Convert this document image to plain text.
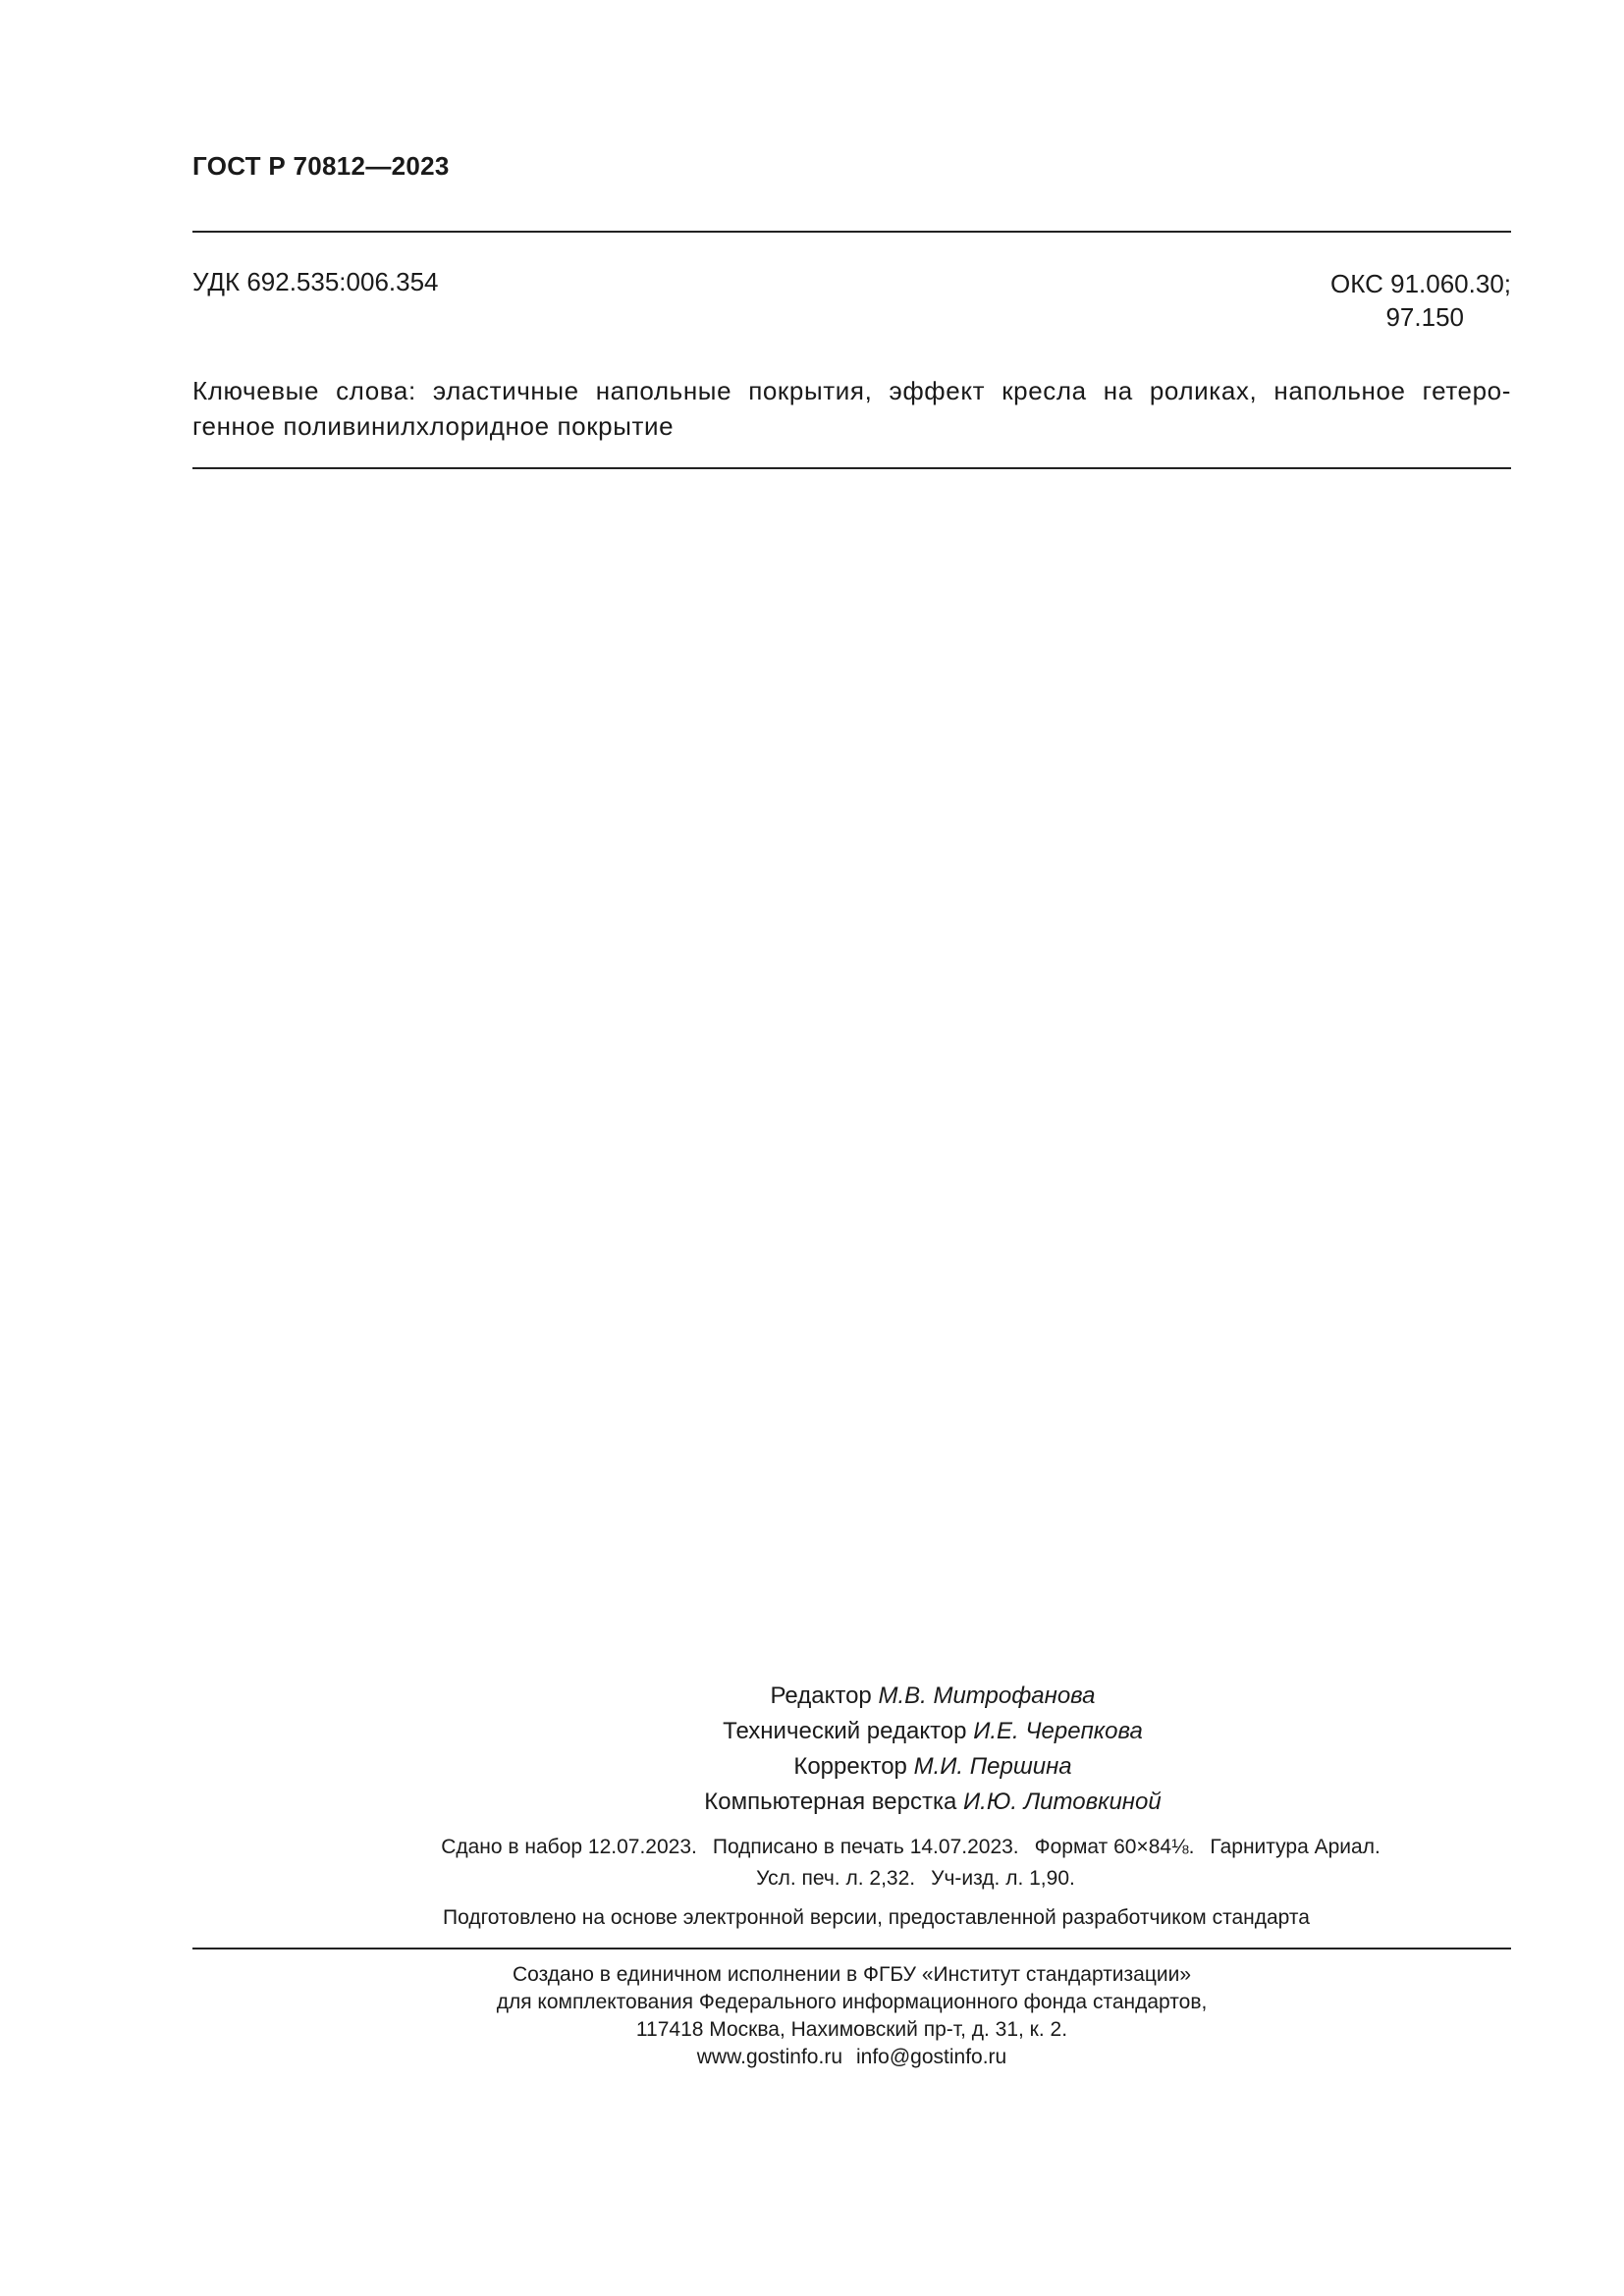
ГОСТ Р 70812—2023
УДК 692.535:006.354	ОКС 91.060.30;
97.150
Ключевые слова: эластичные напольные покрытия, эффект кресла на роликах, напольное гетеро-
генное поливинилхлоридное покрытие
Редактор М.В. Митрофанова
Технический редактор И.Е. Черепкова
Корректор М.И. Першина
Компьютерная верстка И.Ю. Литовкиной
Сдано в набор 12.07.2023. Подписано в печать 14.07.2023. Формат 60×84⅛. Гарнитура Ариал.
Усл. печ. л. 2,32. Уч-изд. л. 1,90.
Подготовлено на основе электронной версии, предоставленной разработчиком стандарта
Создано в единичном исполнении в ФГБУ «Институт стандартизации»
для комплектования Федерального информационного фонда стандартов,
117418 Москва, Нахимовский пр-т, д. 31, к. 2.
www.gostinfo.ru info@gostinfo.ru
